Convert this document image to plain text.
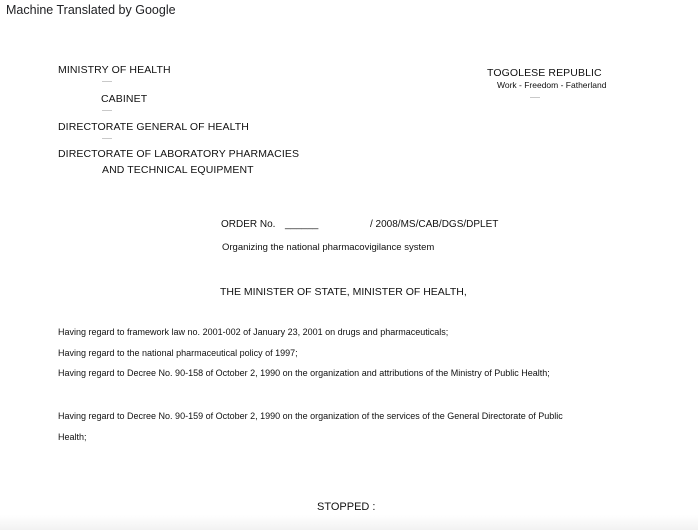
Machine Translated by Google
MINISTRY OF HEALTH
CABINET
DIRECTORATE GENERAL OF HEALTH
DIRECTORATE OF LABORATORY PHARMACIES
AND TECHNICAL EQUIPMENT
TOGOLESE REPUBLIC
Work - Freedom - Fatherland
ORDER No. ______	/ 2008/MS/CAB/DGS/DPLET
Organizing the national pharmacovigilance system
THE MINISTER OF STATE, MINISTER OF HEALTH,
Having regard to framework law no. 2001-002 of January 23, 2001 on drugs and pharmaceuticals;
Having regard to the national pharmaceutical policy of 1997;
Having regard to Decree No. 90-158 of October 2, 1990 on the organization and attributions of the Ministry of Public Health;
Having regard to Decree No. 90-159 of October 2, 1990 on the organization of the services of the General Directorate of Public
Health;
STOPPED :
